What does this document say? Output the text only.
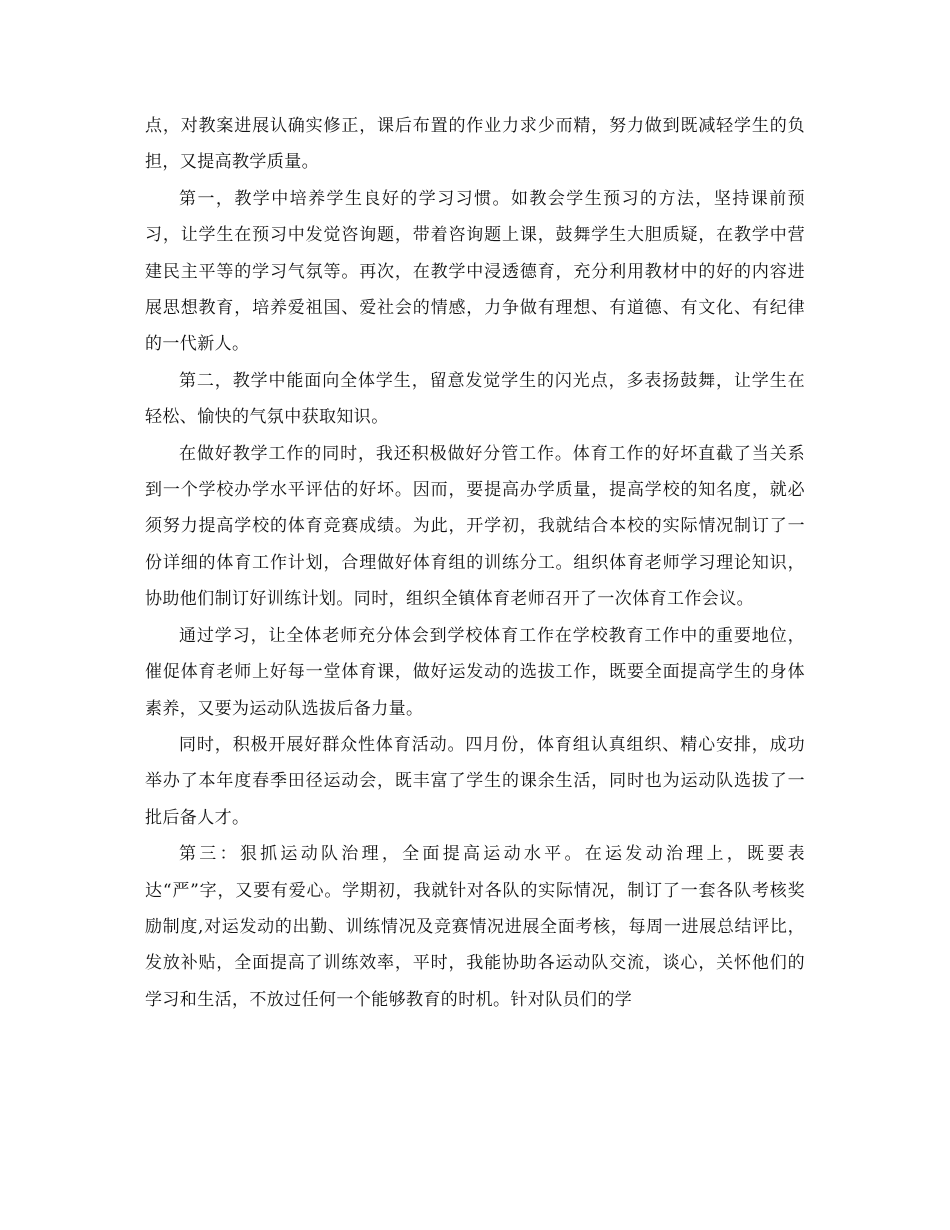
点，对教案进展认确实修正，课后布置的作业力求少而精，努力做到既减轻学生的负担，又提高教学质量。

第一，教学中培养学生良好的学习习惯。如教会学生预习的方法，坚持课前预习，让学生在预习中发觉咨询题，带着咨询题上课，鼓舞学生大胆质疑，在教学中营建民主平等的学习气氛等。再次，在教学中浸透德育，充分利用教材中的好的内容进展思想教育，培养爱祖国、爱社会的情感，力争做有理想、有道德、有文化、有纪律的一代新人。

第二，教学中能面向全体学生，留意发觉学生的闪光点，多表扬鼓舞，让学生在轻松、愉快的气氛中获取知识。

在做好教学工作的同时，我还积极做好分管工作。体育工作的好坏直截了当关系到一个学校办学水平评估的好坏。因而，要提高办学质量，提高学校的知名度，就必须努力提高学校的体育竞赛成绩。为此，开学初，我就结合本校的实际情况制订了一份详细的体育工作计划，合理做好体育组的训练分工。组织体育老师学习理论知识，协助他们制订好训练计划。同时，组织全镇体育老师召开了一次体育工作会议。

通过学习，让全体老师充分体会到学校体育工作在学校教育工作中的重要地位，催促体育老师上好每一堂体育课，做好运发动的选拔工作，既要全面提高学生的身体素养，又要为运动队选拔后备力量。

同时，积极开展好群众性体育活动。四月份，体育组认真组织、精心安排，成功举办了本年度春季田径运动会，既丰富了学生的课余生活，同时也为运动队选拔了一批后备人才。

第三：狠抓运动队治理，全面提高运动水平。在运发动治理上，既要表达“严”字，又要有爱心。学期初，我就针对各队的实际情况，制订了一套各队考核奖励制度,对运发动的出勤、训练情况及竞赛情况进展全面考核，每周一进展总结评比，发放补贴，全面提高了训练效率，平时，我能协助各运动队交流，谈心，关怀他们的学习和生活，不放过任何一个能够教育的时机。针对队员们的学
